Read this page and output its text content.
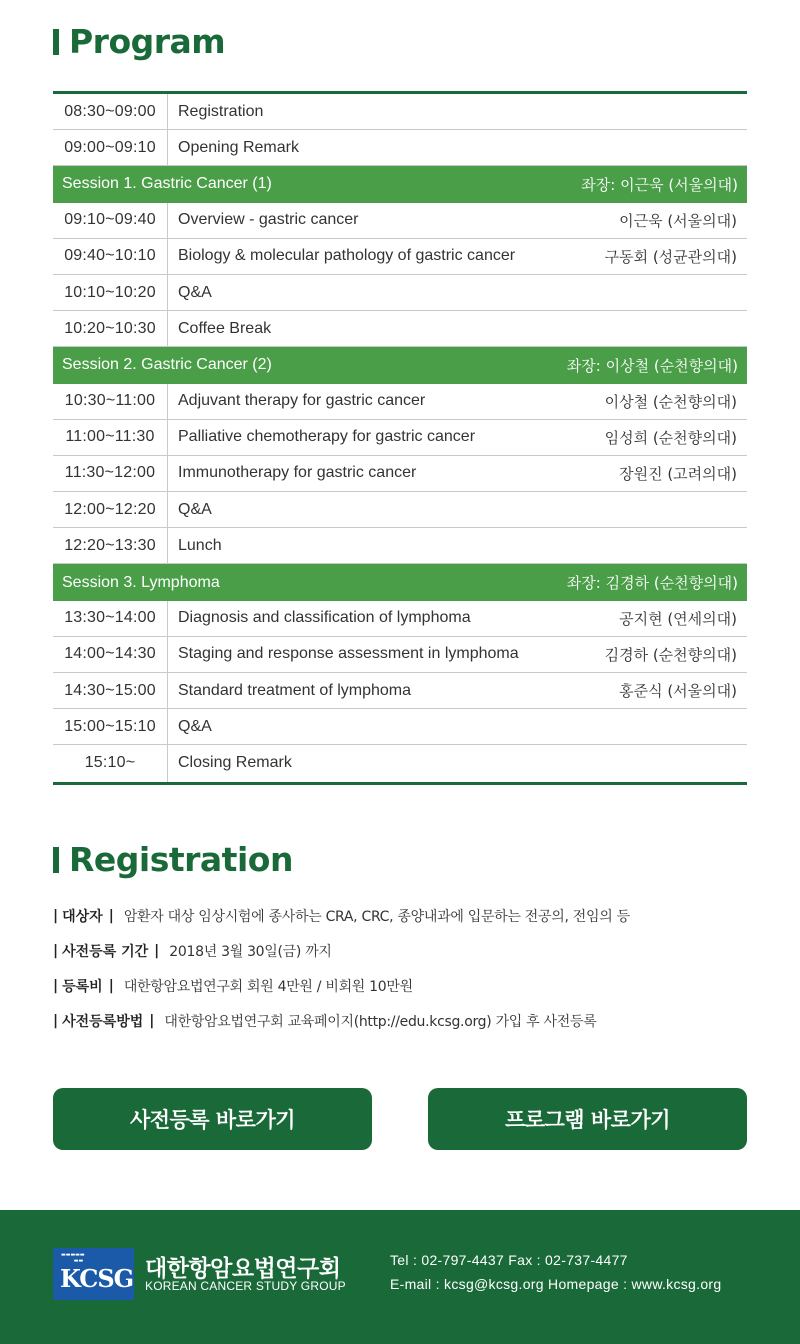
Program
08:30~09:00	Registration
09:00~09:10	Opening Remark
Session 1. Gastric Cancer (1)	좌장: 이근욱 (서울의대)
09:10~09:40	Overview - gastric cancer	이근욱 (서울의대)
09:40~10:10	Biology & molecular pathology of gastric cancer	구동회 (성균관의대)
10:10~10:20	Q&A
10:20~10:30	Coffee Break
Session 2. Gastric Cancer (2)	좌장: 이상철 (순천향의대)
10:30~11:00	Adjuvant therapy for gastric cancer	이상철 (순천향의대)
11:00~11:30	Palliative chemotherapy for gastric cancer	임성희 (순천향의대)
11:30~12:00	Immunotherapy for gastric cancer	장원진 (고려의대)
12:00~12:20	Q&A
12:20~13:30	Lunch
Session 3. Lymphoma	좌장: 김경하 (순천향의대)
13:30~14:00	Diagnosis and classification of lymphoma	공지현 (연세의대)
14:00~14:30	Staging and response assessment in lymphoma	김경하 (순천향의대)
14:30~15:00	Standard treatment of lymphoma	홍준식 (서울의대)
15:00~15:10	Q&A
15:10~	Closing Remark
Registration
| 대상자 | 암환자 대상 임상시험에 종사하는 CRA, CRC, 종양내과에 입문하는 전공의, 전임의 등
| 사전등록 기간 | 2018년 3월 30일(금) 까지
| 등록비 | 대한항암요법연구회 회원 4만원 / 비회원 10만원
| 사전등록방법 | 대한항암요법연구회 교육페이지(http://edu.kcsg.org) 가입 후 사전등록
사전등록 바로가기	프로그램 바로가기
▬▬▬▬▬
▬▬
KCSG 대한항암요법연구회
KOREAN CANCER STUDY GROUP
Tel : 02-797-4437 Fax : 02-737-4477
E-mail : kcsg@kcsg.org Homepage : www.kcsg.org
